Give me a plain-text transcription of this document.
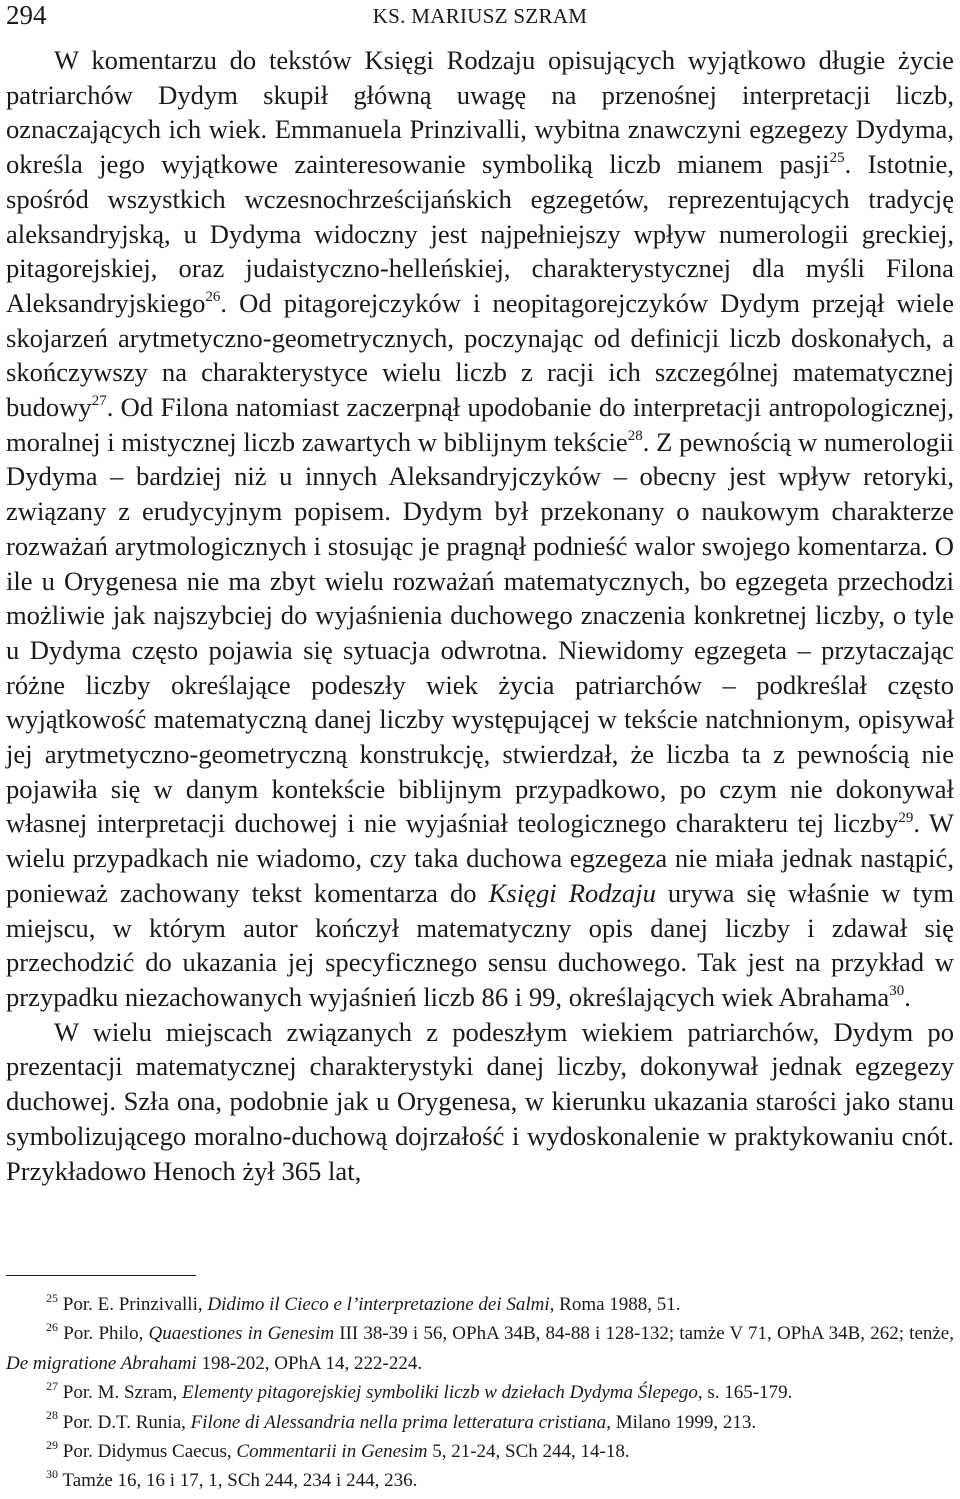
294	KS. MARIUSZ SZRAM

W komentarzu do tekstów Księgi Rodzaju opisujących wyjątkowo długie życie patriarchów Dydym skupił główną uwagę na przenośnej interpretacji liczb, oznaczających ich wiek. Emmanuela Prinzivalli, wybitna znawczyni egzegezy Dydyma, określa jego wyjątkowe zainteresowanie symboliką liczb mianem pasji$^{25}$. Istotnie, spośród wszystkich wczesnochrześcijańskich egzegetów, reprezentujących tradycję aleksandryjską, u Dydyma widoczny jest najpełniejszy wpływ numerologii greckiej, pitagorejskiej, oraz judaistyczno-helleńskiej, charakterystycznej dla myśli Filona Aleksandryjskiego$^{26}$. Od pitagorejczyków i neopitagorejczyków Dydym przejął wiele skojarzeń arytmetyczno-geometrycznych, poczynając od definicji liczb doskonałych, a skończywszy na charakterystyce wielu liczb z racji ich szczególnej matematycznej budowy$^{27}$. Od Filona natomiast zaczerpnął upodobanie do interpretacji antropologicznej, moralnej i mistycznej liczb zawartych w biblijnym tekście$^{28}$. Z pewnością w numerologii Dydyma – bardziej niż u innych Aleksandryjczyków – obecny jest wpływ retoryki, związany z erudycyjnym popisem. Dydym był przekonany o naukowym charakterze rozważań arytmologicznych i stosując je pragnął podnieść walor swojego komentarza. O ile u Orygenesa nie ma zbyt wielu rozważań matematycznych, bo egzegeta przechodzi możliwie jak najszybciej do wyjaśnienia duchowego znaczenia konkretnej liczby, o tyle u Dydyma często pojawia się sytuacja odwrotna. Niewidomy egzegeta – przytaczając różne liczby określające podeszły wiek życia patriarchów – podkreślał często wyjątkowość matematyczną danej liczby występującej w tekście natchnionym, opisywał jej arytmetyczno-geometryczną konstrukcję, stwierdzał, że liczba ta z pewnością nie pojawiła się w danym kontekście biblijnym przypadkowo, po czym nie dokonywał własnej interpretacji duchowej i nie wyjaśniał teologicznego charakteru tej liczby$^{29}$. W wielu przypadkach nie wiadomo, czy taka duchowa egzegeza nie miała jednak nastąpić, ponieważ zachowany tekst komentarza do Księgi Rodzaju urywa się właśnie w tym miejscu, w którym autor kończył matematyczny opis danej liczby i zdawał się przechodzić do ukazania jej specyficznego sensu duchowego. Tak jest na przykład w przypadku niezachowanych wyjaśnień liczb 86 i 99, określających wiek Abrahama$^{30}$.

W wielu miejscach związanych z podeszłym wiekiem patriarchów, Dydym po prezentacji matematycznej charakterystyki danej liczby, dokonywał jednak egzegezy duchowej. Szła ona, podobnie jak u Orygenesa, w kierunku ukazania starości jako stanu symbolizującego moralno-duchową dojrzałość i wydoskonalenie w praktykowaniu cnót. Przykładowo Henoch żył 365 lat,

$^{25}$ Por. E. Prinzivalli, Didimo il Cieco e l’interpretazione dei Salmi, Roma 1988, 51.

$^{26}$ Por. Philo, Quaestiones in Genesim III 38-39 i 56, OPhA 34B, 84-88 i 128-132; tamże V 71, OPhA 34B, 262; tenże, De migratione Abrahami 198-202, OPhA 14, 222-224.

$^{27}$ Por. M. Szram, Elementy pitagorejskiej symboliki liczb w dziełach Dydyma Ślepego, s. 165-179.

$^{28}$ Por. D.T. Runia, Filone di Alessandria nella prima letteratura cristiana, Milano 1999, 213.

$^{29}$ Por. Didymus Caecus, Commentarii in Genesim 5, 21-24, SCh 244, 14-18.

$^{30}$ Tamże 16, 16 i 17, 1, SCh 244, 234 i 244, 236.
